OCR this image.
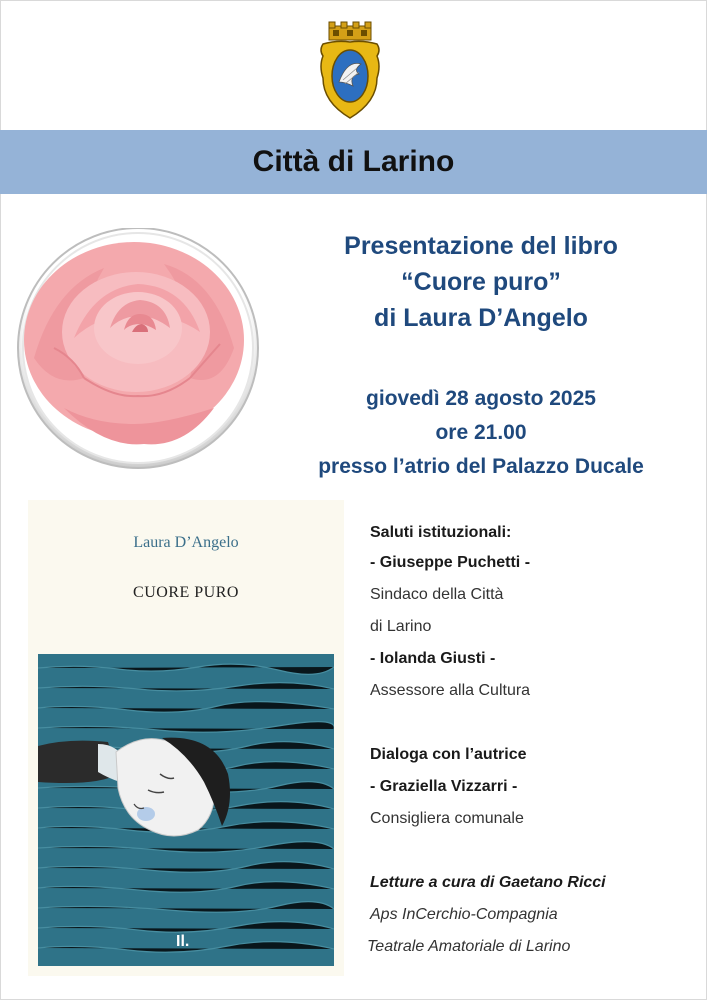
Città di Larino
Presentazione del libro
“Cuore puro”
di Laura D’Angelo
giovedì 28 agosto 2025
ore 21.00
presso l’atrio del Palazzo Ducale
Laura D’Angelo
CUORE PURO
Il.
Saluti istituzionali:
- Giuseppe Puchetti -
Sindaco della Città
di Larino
- Iolanda Giusti -
Assessore alla Cultura
Dialoga con l’autrice
- Graziella Vizzarri -
Consigliera comunale
Letture a cura di Gaetano Ricci
Aps InCerchio-Compagnia
Teatrale Amatoriale di Larino
